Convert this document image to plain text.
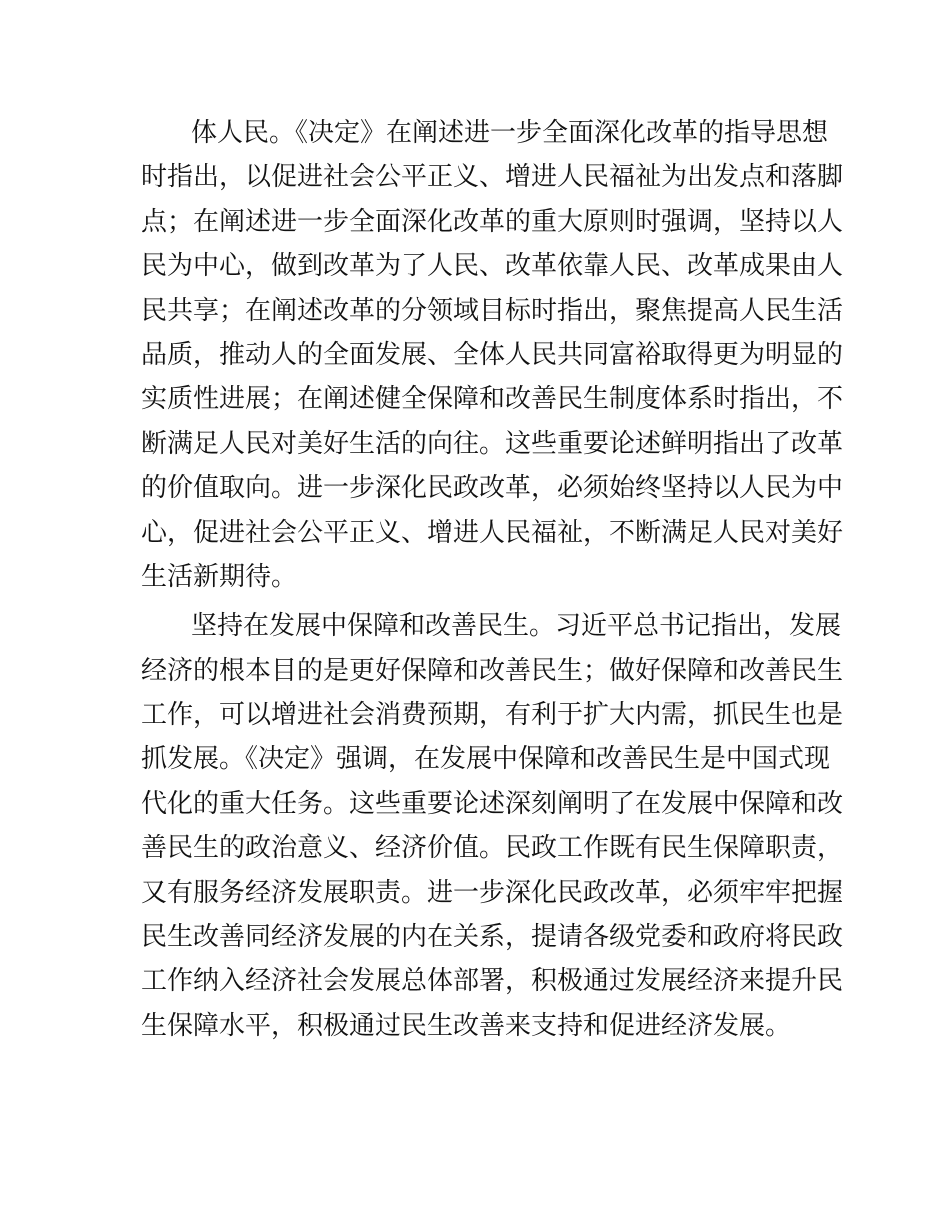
体人民。《决定》在阐述进一步全面深化改革的指导思想
时指出，以促进社会公平正义、增进人民福祉为出发点和落脚
点；在阐述进一步全面深化改革的重大原则时强调，坚持以人
民为中心，做到改革为了人民、改革依靠人民、改革成果由人
民共享；在阐述改革的分领域目标时指出，聚焦提高人民生活
品质，推动人的全面发展、全体人民共同富裕取得更为明显的
实质性进展；在阐述健全保障和改善民生制度体系时指出，不
断满足人民对美好生活的向往。这些重要论述鲜明指出了改革
的价值取向。进一步深化民政改革，必须始终坚持以人民为中
心，促进社会公平正义、增进人民福祉，不断满足人民对美好
生活新期待。
坚持在发展中保障和改善民生。习近平总书记指出，发展
经济的根本目的是更好保障和改善民生；做好保障和改善民生
工作，可以增进社会消费预期，有利于扩大内需，抓民生也是
抓发展。《决定》强调，在发展中保障和改善民生是中国式现
代化的重大任务。这些重要论述深刻阐明了在发展中保障和改
善民生的政治意义、经济价值。民政工作既有民生保障职责，
又有服务经济发展职责。进一步深化民政改革，必须牢牢把握
民生改善同经济发展的内在关系，提请各级党委和政府将民政
工作纳入经济社会发展总体部署，积极通过发展经济来提升民
生保障水平，积极通过民生改善来支持和促进经济发展。
